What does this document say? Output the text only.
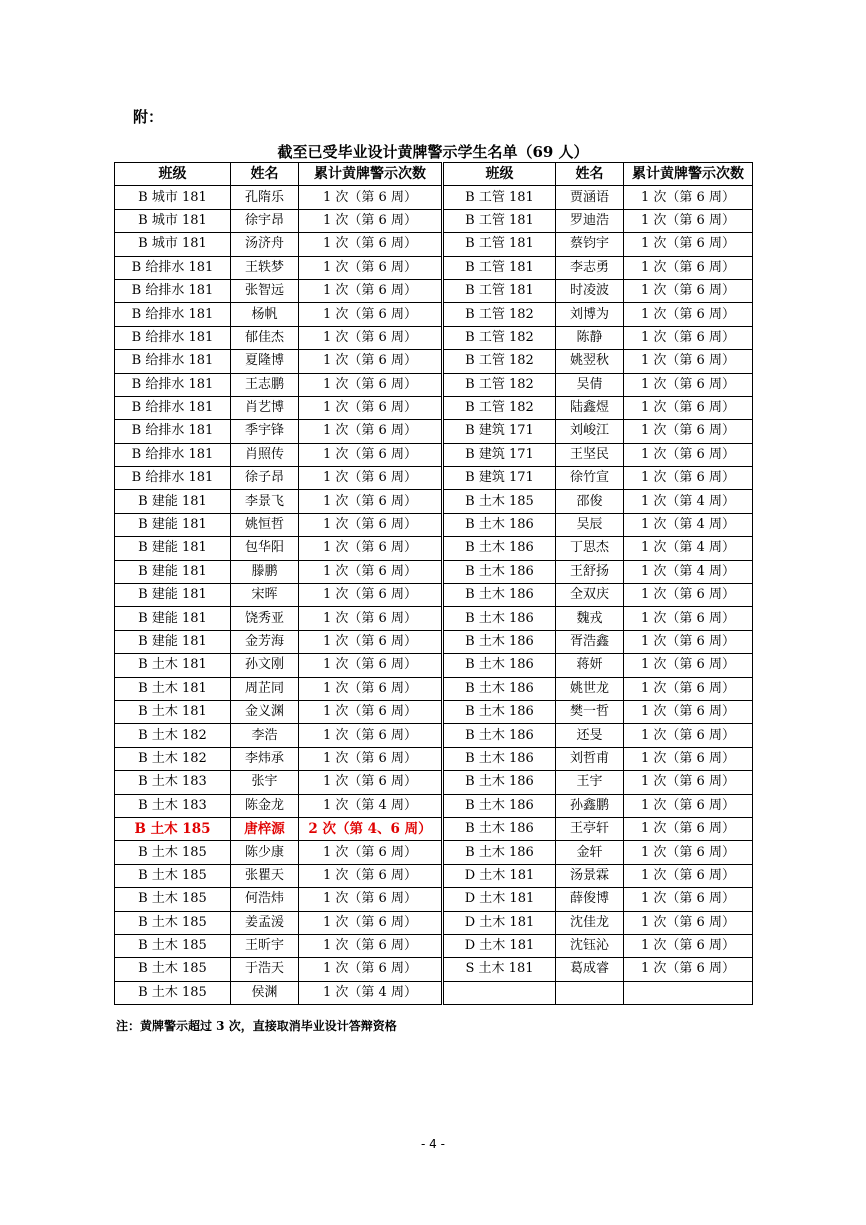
附：
截至已受毕业设计黄牌警示学生名单（69 人）
班级	姓名	累计黄牌警示次数	班级	姓名	累计黄牌警示次数
B 城市 181	孔隋乐	1 次（第 6 周）	B 工管 181	贾涵语	1 次（第 6 周）
B 城市 181	徐宇昂	1 次（第 6 周）	B 工管 181	罗迪浩	1 次（第 6 周）
B 城市 181	汤济舟	1 次（第 6 周）	B 工管 181	蔡钧宇	1 次（第 6 周）
B 给排水 181	王轶梦	1 次（第 6 周）	B 工管 181	李志勇	1 次（第 6 周）
B 给排水 181	张智远	1 次（第 6 周）	B 工管 181	时凌波	1 次（第 6 周）
B 给排水 181	杨帆	1 次（第 6 周）	B 工管 182	刘博为	1 次（第 6 周）
B 给排水 181	郁佳杰	1 次（第 6 周）	B 工管 182	陈静	1 次（第 6 周）
B 给排水 181	夏隆博	1 次（第 6 周）	B 工管 182	姚翌秋	1 次（第 6 周）
B 给排水 181	王志鹏	1 次（第 6 周）	B 工管 182	吴倩	1 次（第 6 周）
B 给排水 181	肖艺博	1 次（第 6 周）	B 工管 182	陆鑫煜	1 次（第 6 周）
B 给排水 181	季宇锋	1 次（第 6 周）	B 建筑 171	刘峻江	1 次（第 6 周）
B 给排水 181	肖照传	1 次（第 6 周）	B 建筑 171	王坚民	1 次（第 6 周）
B 给排水 181	徐子昂	1 次（第 6 周）	B 建筑 171	徐竹宣	1 次（第 6 周）
B 建能 181	李景飞	1 次（第 6 周）	B 土木 185	邵俊	1 次（第 4 周）
B 建能 181	姚恒哲	1 次（第 6 周）	B 土木 186	吴辰	1 次（第 4 周）
B 建能 181	包华阳	1 次（第 6 周）	B 土木 186	丁思杰	1 次（第 4 周）
B 建能 181	滕鹏	1 次（第 6 周）	B 土木 186	王舒扬	1 次（第 4 周）
B 建能 181	宋晖	1 次（第 6 周）	B 土木 186	全双庆	1 次（第 6 周）
B 建能 181	饶秀亚	1 次（第 6 周）	B 土木 186	魏戎	1 次（第 6 周）
B 建能 181	金芳海	1 次（第 6 周）	B 土木 186	胥浩鑫	1 次（第 6 周）
B 土木 181	孙文刚	1 次（第 6 周）	B 土木 186	蒋妍	1 次（第 6 周）
B 土木 181	周芷同	1 次（第 6 周）	B 土木 186	姚世龙	1 次（第 6 周）
B 土木 181	金义渊	1 次（第 6 周）	B 土木 186	樊一哲	1 次（第 6 周）
B 土木 182	李浩	1 次（第 6 周）	B 土木 186	还旻	1 次（第 6 周）
B 土木 182	李炜承	1 次（第 6 周）	B 土木 186	刘哲甫	1 次（第 6 周）
B 土木 183	张宇	1 次（第 6 周）	B 土木 186	王宇	1 次（第 6 周）
B 土木 183	陈金龙	1 次（第 4 周）	B 土木 186	孙鑫鹏	1 次（第 6 周）
B 土木 185	唐梓源	2 次（第 4、6 周）	B 土木 186	王亭轩	1 次（第 6 周）
B 土木 185	陈少康	1 次（第 6 周）	B 土木 186	金轩	1 次（第 6 周）
B 土木 185	张瞿天	1 次（第 6 周）	D 土木 181	汤景霖	1 次（第 6 周）
B 土木 185	何浩炜	1 次（第 6 周）	D 土木 181	薛俊博	1 次（第 6 周）
B 土木 185	姜孟湲	1 次（第 6 周）	D 土木 181	沈佳龙	1 次（第 6 周）
B 土木 185	王昕宇	1 次（第 6 周）	D 土木 181	沈钰沁	1 次（第 6 周）
B 土木 185	于浩天	1 次（第 6 周）	S 土木 181	葛成睿	1 次（第 6 周）
B 土木 185	侯渊	1 次（第 4 周）			
注：黄牌警示超过 3 次，直接取消毕业设计答辩资格
- 4 -
